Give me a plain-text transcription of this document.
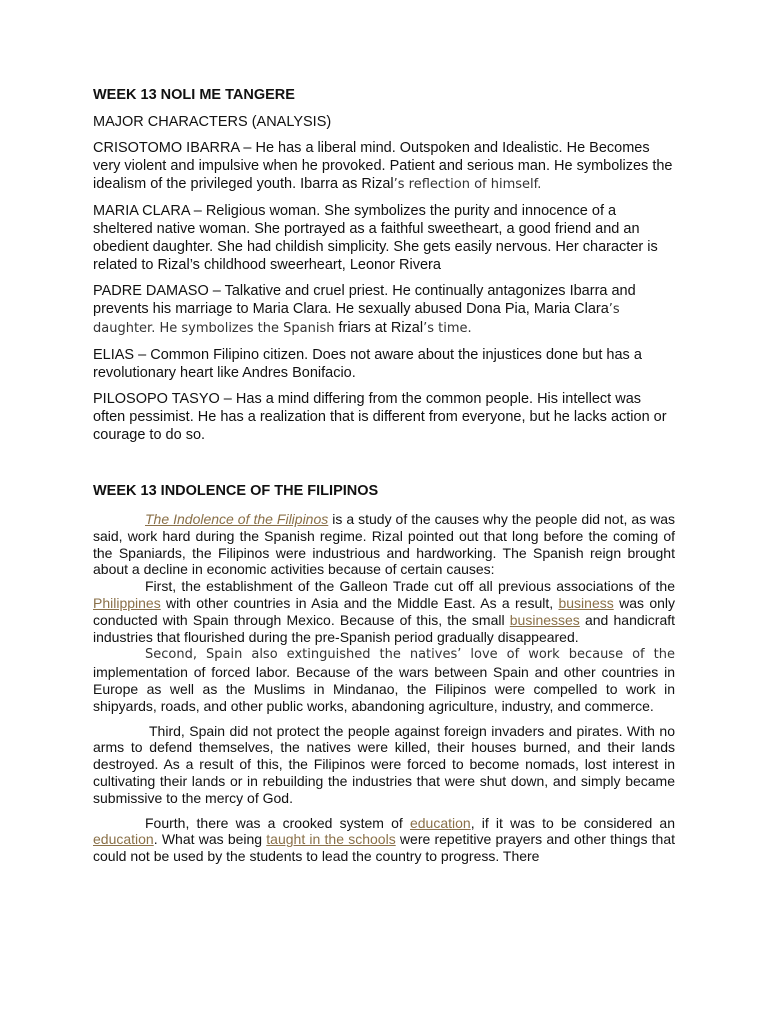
WEEK 13 NOLI ME TANGERE
MAJOR CHARACTERS (ANALYSIS)
CRISOTOMO IBARRA – He has a liberal mind. Outspoken and Idealistic. He Becomes very violent and impulsive when he provoked. Patient and serious man. He symbolizes the idealism of the privileged youth. Ibarra as Rizal’s reflection of himself.
MARIA CLARA – Religious woman. She symbolizes the purity and innocence of a sheltered native woman. She portrayed as a faithful sweetheart, a good friend and an obedient daughter. She had childish simplicity. She gets easily nervous. Her character is related to Rizal’s childhood sweerheart, Leonor Rivera
PADRE DAMASO – Talkative and cruel priest. He continually antagonizes Ibarra and prevents his marriage to Maria Clara. He sexually abused Dona Pia, Maria Clara’s daughter. He symbolizes the Spanish friars at Rizal’s time.
ELIAS – Common Filipino citizen. Does not aware about the injustices done but has a revolutionary heart like Andres Bonifacio.
PILOSOPO TASYO – Has a mind differing from the common people. His intellect was often pessimist. He has a realization that is different from everyone, but he lacks action or courage to do so.
WEEK 13 INDOLENCE OF THE FILIPINOS

The Indolence of the Filipinos is a study of the causes why the people did not, as was said, work hard during the Spanish regime. Rizal pointed out that long before the coming of the Spaniards, the Filipinos were industrious and hardworking. The Spanish reign brought about a decline in economic activities because of certain causes:

First, the establishment of the Galleon Trade cut off all previous associations of the Philippines with other countries in Asia and the Middle East. As a result, business was only conducted with Spain through Mexico. Because of this, the small businesses and handicraft industries that flourished during the pre-Spanish period gradually disappeared.

Second, Spain also extinguished the natives’ love of work because of the implementation of forced labor. Because of the wars between Spain and other countries in Europe as well as the Muslims in Mindanao, the Filipinos were compelled to work in shipyards, roads, and other public works, abandoning agriculture, industry, and commerce.

Third, Spain did not protect the people against foreign invaders and pirates. With no arms to defend themselves, the natives were killed, their houses burned, and their lands destroyed. As a result of this, the Filipinos were forced to become nomads, lost interest in cultivating their lands or in rebuilding the industries that were shut down, and simply became submissive to the mercy of God.

Fourth, there was a crooked system of education, if it was to be considered an education. What was being taught in the schools were repetitive prayers and other things that could not be used by the students to lead the country to progress. There
